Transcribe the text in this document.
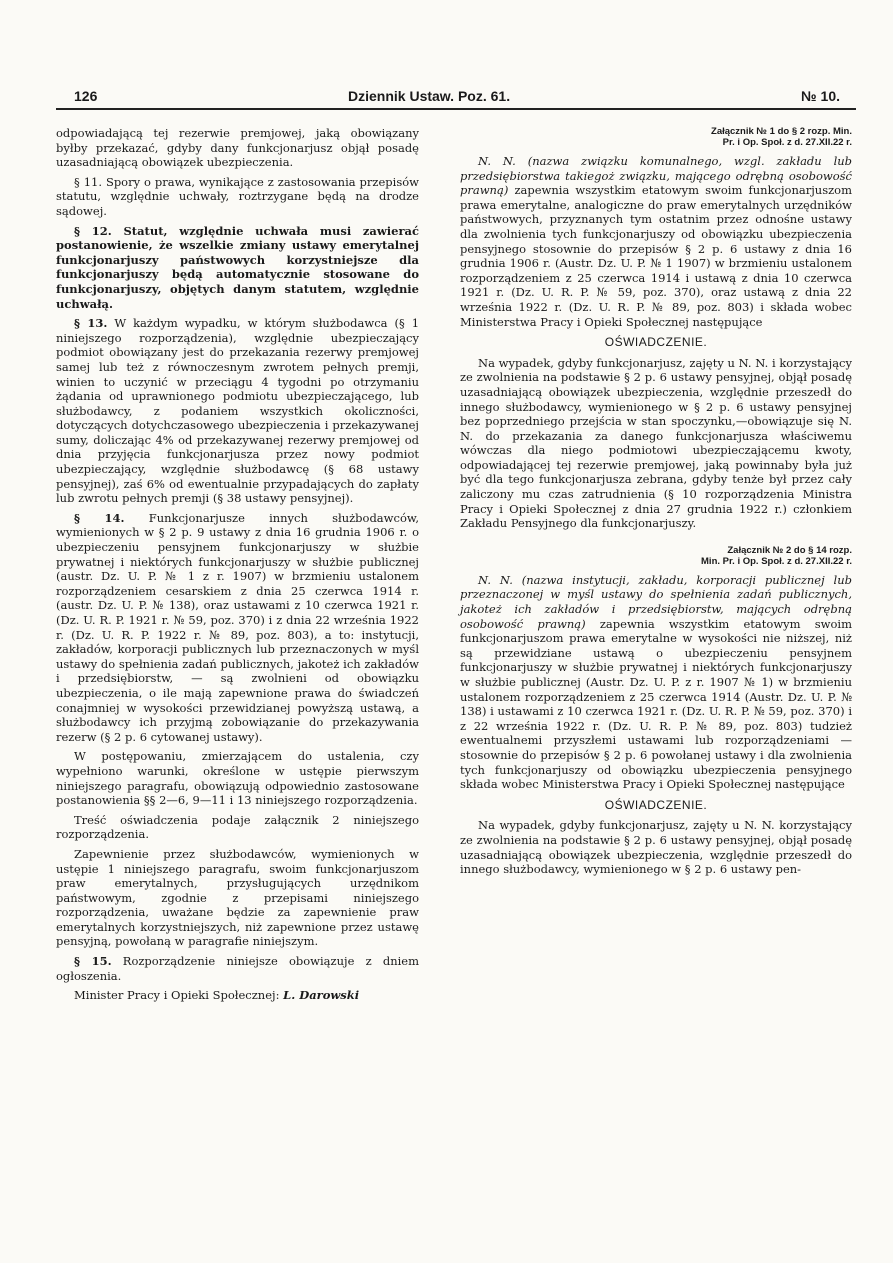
126	Dziennik Ustaw. Poz. 61.	№ 10.

odpowiadającą tej rezerwie premjowej, jaką obowiązany byłby przekazać, gdyby dany funkcjonarjusz objął posadę uzasadniającą obowiązek ubezpieczenia.

§ 11. Spory o prawa, wynikające z zastosowania przepisów statutu, względnie uchwały, roztrzygane będą na drodze sądowej.

§ 12. Statut, względnie uchwała musi zawierać postanowienie, że wszelkie zmiany ustawy emerytalnej funkcjonarjuszy państwowych korzystniejsze dla funkcjonarjuszy będą automatycznie stosowane do funkcjonarjuszy, objętych danym statutem, względnie uchwałą.

§ 13. W każdym wypadku, w którym służbodawca (§ 1 niniejszego rozporządzenia), względnie ubezpieczający podmiot obowiązany jest do przekazania rezerwy premjowej samej lub też z równoczesnym zwrotem pełnych premji, winien to uczynić w przeciągu 4 tygodni po otrzymaniu żądania od uprawnionego podmiotu ubezpieczającego, lub służbodawcy, z podaniem wszystkich okoliczności, dotyczących dotychczasowego ubezpieczenia i przekazywanej sumy, doliczając 4% od przekazywanej rezerwy premjowej od dnia przyjęcia funkcjonarjusza przez nowy podmiot ubezpieczający, względnie służbodawcę (§ 68 ustawy pensyjnej), zaś 6% od ewentualnie przypadających do zapłaty lub zwrotu pełnych premji (§ 38 ustawy pensyjnej).

§ 14. Funkcjonarjusze innych służbodawców, wymienionych w § 2 p. 9 ustawy z dnia 16 grudnia 1906 r. o ubezpieczeniu pensyjnem funkcjonarjuszy w służbie prywatnej i niektórych funkcjonarjuszy w służbie publicznej (austr. Dz. U. P. № 1 z r. 1907) w brzmieniu ustalonem rozporządzeniem cesarskiem z dnia 25 czerwca 1914 r. (austr. Dz. U. P. № 138), oraz ustawami z 10 czerwca 1921 r. (Dz. U. R. P. 1921 r. № 59, poz. 370) i z dnia 22 września 1922 r. (Dz. U. R. P. 1922 r. № 89, poz. 803), a to: instytucji, zakładów, korporacji publicznych lub przeznaczonych w myśl ustawy do spełnienia zadań publicznych, jakoteż ich zakładów i przedsiębiorstw, — są zwolnieni od obowiązku ubezpieczenia, o ile mają zapewnione prawa do świadczeń conajmniej w wysokości przewidzianej powyższą ustawą, a służbodawcy ich przyjmą zobowiązanie do przekazywania rezerw (§ 2 p. 6 cytowanej ustawy).

W postępowaniu, zmierzającem do ustalenia, czy wypełniono warunki, określone w ustępie pierwszym niniejszego paragrafu, obowiązują odpowiednio zastosowane postanowienia §§ 2—6, 9—11 i 13 niniejszego rozporządzenia.

Treść oświadczenia podaje załącznik 2 niniejszego rozporządzenia.

Zapewnienie przez służbodawców, wymienionych w ustępie 1 niniejszego paragrafu, swoim funkcjonarjuszom praw emerytalnych, przysługujących urzędnikom państwowym, zgodnie z przepisami niniejszego rozporządzenia, uważane będzie za zapewnienie praw emerytalnych korzystniejszych, niż zapewnione przez ustawę pensyjną, powołaną w paragrafie niniejszym.

§ 15. Rozporządzenie niniejsze obowiązuje z dniem ogłoszenia.

Minister Pracy i Opieki Społecznej: L. Darowski

Załącznik № 1 do § 2 rozp. Min.
Pr. i Op. Społ. z d. 27.XII.22 r.

N. N. (nazwa związku komunalnego, wzgl. zakładu lub przedsiębiorstwa takiegoż związku, mającego odrębną osobowość prawną) zapewnia wszystkim etatowym swoim funkcjonarjuszom prawa emerytalne, analogiczne do praw emerytalnych urzędników państwowych, przyznanych tym ostatnim przez odnośne ustawy dla zwolnienia tych funkcjonarjuszy od obowiązku ubezpieczenia pensyjnego stosownie do przepisów § 2 p. 6 ustawy z dnia 16 grudnia 1906 r. (Austr. Dz. U. P. № 1 1907) w brzmieniu ustalonem rozporządzeniem z 25 czerwca 1914 i ustawą z dnia 10 czerwca 1921 r. (Dz. U. R. P. № 59, poz. 370), oraz ustawą z dnia 22 września 1922 r. (Dz. U. R. P. № 89, poz. 803) i składa wobec Ministerstwa Pracy i Opieki Społecznej następujące

OŚWIADCZENIE.

Na wypadek, gdyby funkcjonarjusz, zajęty u N. N. i korzystający ze zwolnienia na podstawie § 2 p. 6 ustawy pensyjnej, objął posadę uzasadniającą obowiązek ubezpieczenia, względnie przeszedł do innego służbodawcy, wymienionego w § 2 p. 6 ustawy pensyjnej bez poprzedniego przejścia w stan spoczynku,—obowiązuje się N. N. do przekazania za danego funkcjonarjusza właściwemu wówczas dla niego podmiotowi ubezpieczającemu kwoty, odpowiadającej tej rezerwie premjowej, jaką powinnaby była już być dla tego funkcjonarjusza zebrana, gdyby tenże był przez cały zaliczony mu czas zatrudnienia (§ 10 rozporządzenia Ministra Pracy i Opieki Społecznej z dnia 27 grudnia 1922 r.) członkiem Zakładu Pensyjnego dla funkcjonarjuszy.

Załącznik № 2 do § 14 rozp.
Min. Pr. i Op. Społ. z d. 27.XII.22 r.

N. N. (nazwa instytucji, zakładu, korporacji publicznej lub przeznaczonej w myśl ustawy do spełnienia zadań publicznych, jakoteż ich zakładów i przedsiębiorstw, mających odrębną osobowość prawną) zapewnia wszystkim etatowym swoim funkcjonarjuszom prawa emerytalne w wysokości nie niższej, niż są przewidziane ustawą o ubezpieczeniu pensyjnem funkcjonarjuszy w służbie prywatnej i niektórych funkcjonarjuszy w służbie publicznej (Austr. Dz. U. P. z r. 1907 № 1) w brzmieniu ustalonem rozporządzeniem z 25 czerwca 1914 (Austr. Dz. U. P. № 138) i ustawami z 10 czerwca 1921 r. (Dz. U. R. P. № 59, poz. 370) i z 22 września 1922 r. (Dz. U. R. P. № 89, poz. 803) tudzież ewentualnemi przyszłemi ustawami lub rozporządzeniami — stosownie do przepisów § 2 p. 6 powołanej ustawy i dla zwolnienia tych funkcjonarjuszy od obowiązku ubezpieczenia pensyjnego składa wobec Ministerstwa Pracy i Opieki Społecznej następujące

OŚWIADCZENIE.

Na wypadek, gdyby funkcjonarjusz, zajęty u N. N. korzystający ze zwolnienia na podstawie § 2 p. 6 ustawy pensyjnej, objął posadę uzasadniającą obowiązek ubezpieczenia, względnie przeszedł do innego służbodawcy, wymienionego w § 2 p. 6 ustawy pen-
